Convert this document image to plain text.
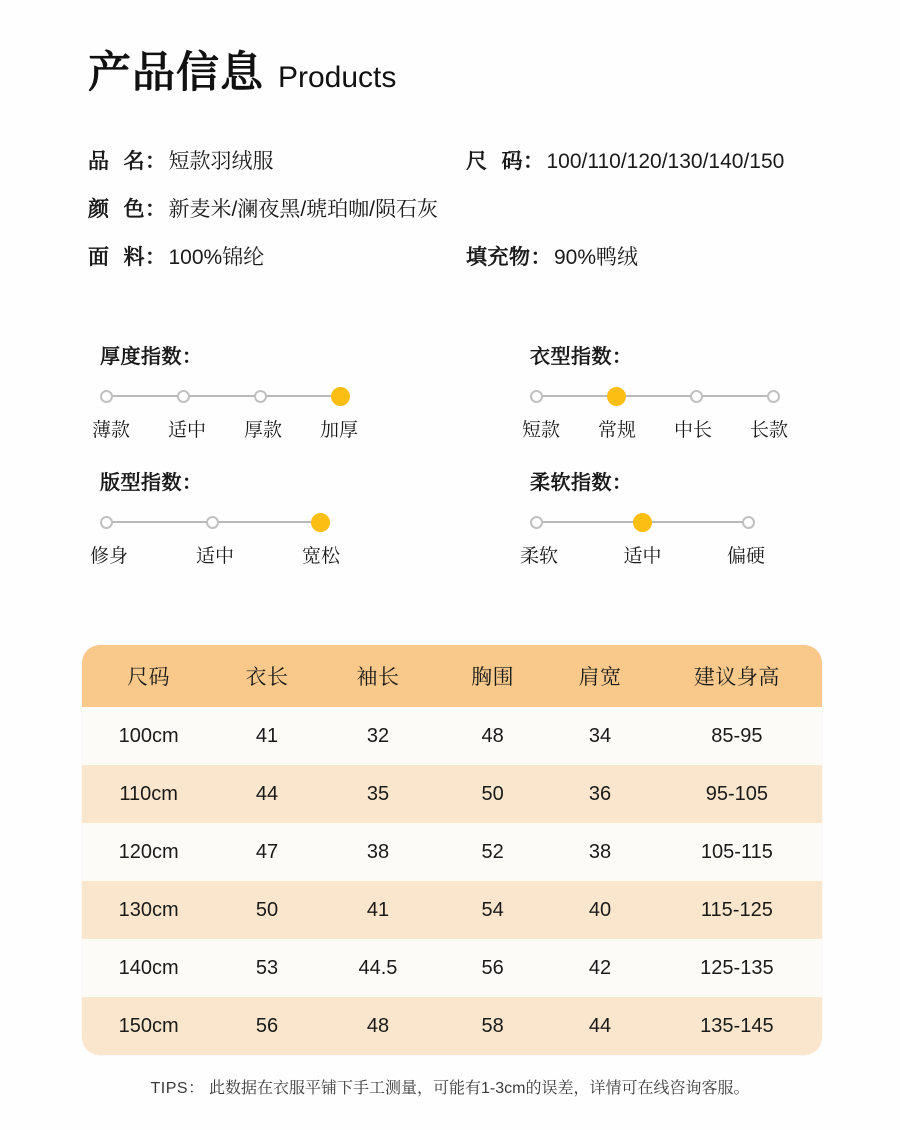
产品信息 Products
品 名： 短款羽绒服	尺 码： 100/110/120/130/140/150
颜 色： 新麦米/澜夜黑/琥珀咖/陨石灰
面 料： 100%锦纶	填充物： 90%鸭绒
厚度指数：
薄款 适中 厚款 加厚
衣型指数：
短款 常规 中长 长款
版型指数：
修身	适中	宽松
柔软指数：
柔软	适中	偏硬
尺码	衣长	袖长	胸围	肩宽	建议身高
100cm	41	32	48	34	85-95
110cm	44	35	50	36	95-105
120cm	47	38	52	38	105-115
130cm	50	41	54	40	115-125
140cm	53	44.5	56	42	125-135
150cm	56	48	58	44	135-145
TIPS： 此数据在衣服平铺下手工测量，可能有1-3cm的误差，详情可在线咨询客服。
